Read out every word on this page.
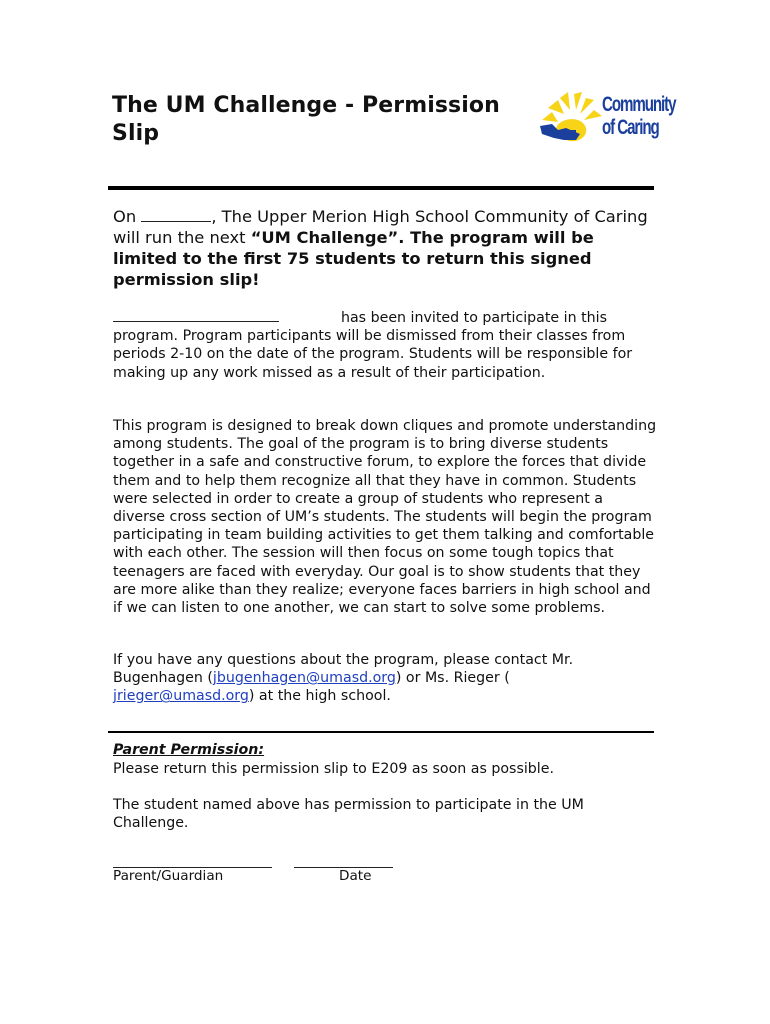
The UM Challenge - Permission Slip
Community
of Caring

On	, The Upper Merion High School Community of Caring will run the next “UM Challenge”. The program will be limited to the first 75 students to return this signed permission slip!

has been invited to participate in this program. Program participants will be dismissed from their classes from periods 2-10 on the date of the program. Students will be responsible for making up any work missed as a result of their participation.

This program is designed to break down cliques and promote understanding among students. The goal of the program is to bring diverse students together in a safe and constructive forum, to explore the forces that divide them and to help them recognize all that they have in common. Students were selected in order to create a group of students who represent a diverse cross section of UM’s students. The students will begin the program participating in team building activities to get them talking and comfortable with each other. The session will then focus on some tough topics that teenagers are faced with everyday. Our goal is to show students that they are more alike than they realize; everyone faces barriers in high school and if we can listen to one another, we can start to solve some problems.

If you have any questions about the program, please contact Mr. Bugenhagen (jbugenhagen@umasd.org) or Ms. Rieger (
jrieger@umasd.org) at the high school.

Parent Permission:

Please return this permission slip to E209 as soon as possible.

The student named above has permission to participate in the UM Challenge.

Parent/Guardian	Date
